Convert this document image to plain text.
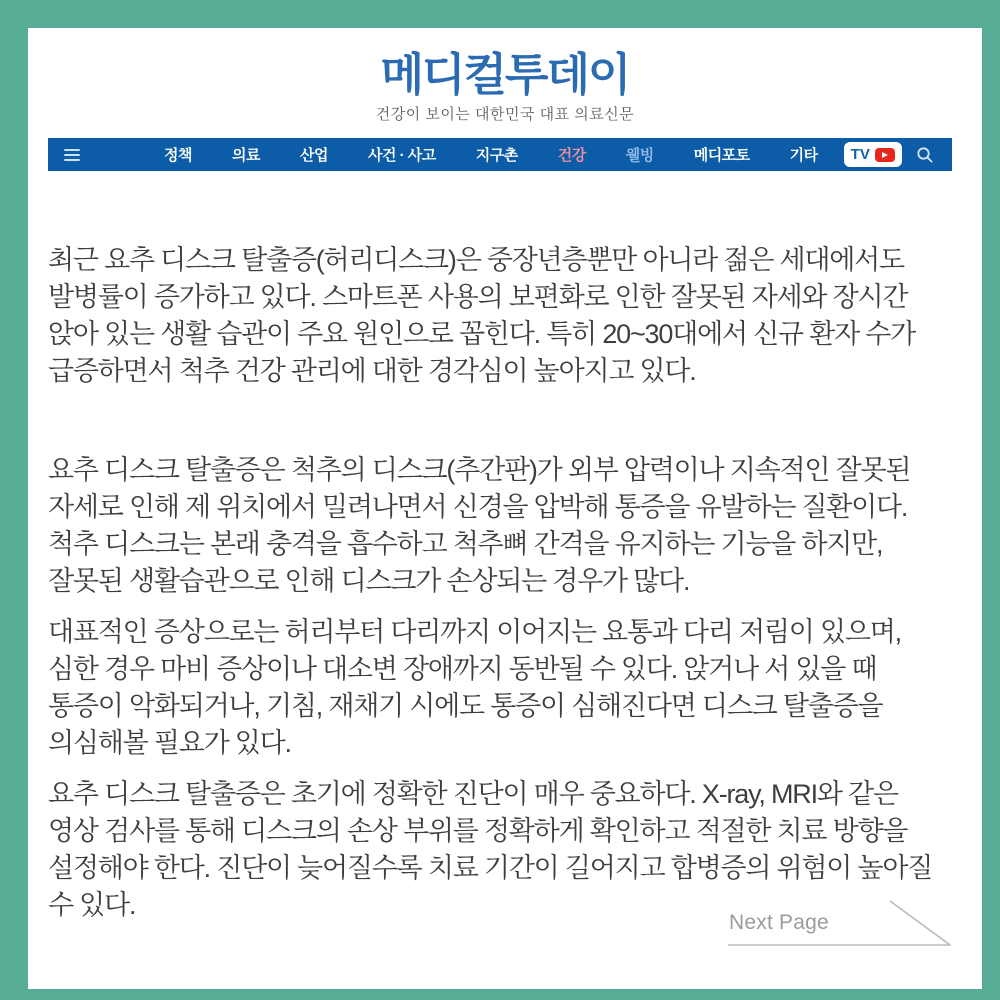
메디컬투데이
건강이 보이는 대한민국 대표 의료신문
정책	의료	산업	사건 · 사고	지구촌	건강	웰빙	메디포토	기타 TV

최근 요추 디스크 탈출증(허리디스크)은 중장년층뿐만 아니라 젊은 세대에서도 발병률이 증가하고 있다. 스마트폰 사용의 보편화로 인한 잘못된 자세와 장시간 앉아 있는 생활 습관이 주요 원인으로 꼽힌다. 특히 20~30대에서 신규 환자 수가 급증하면서 척추 건강 관리에 대한 경각심이 높아지고 있다.

요추 디스크 탈출증은 척추의 디스크(추간판)가 외부 압력이나 지속적인 잘못된 자세로 인해 제 위치에서 밀려나면서 신경을 압박해 통증을 유발하는 질환이다. 척추 디스크는 본래 충격을 흡수하고 척추뼈 간격을 유지하는 기능을 하지만, 잘못된 생활습관으로 인해 디스크가 손상되는 경우가 많다.

대표적인 증상으로는 허리부터 다리까지 이어지는 요통과 다리 저림이 있으며, 심한 경우 마비 증상이나 대소변 장애까지 동반될 수 있다. 앉거나 서 있을 때 통증이 악화되거나, 기침, 재채기 시에도 통증이 심해진다면 디스크 탈출증을 의심해볼 필요가 있다.

요추 디스크 탈출증은 초기에 정확한 진단이 매우 중요하다. X-ray, MRI와 같은 영상 검사를 통해 디스크의 손상 부위를 정확하게 확인하고 적절한 치료 방향을 설정해야 한다. 진단이 늦어질수록 치료 기간이 길어지고 합병증의 위험이 높아질 수 있다.

Next Page
